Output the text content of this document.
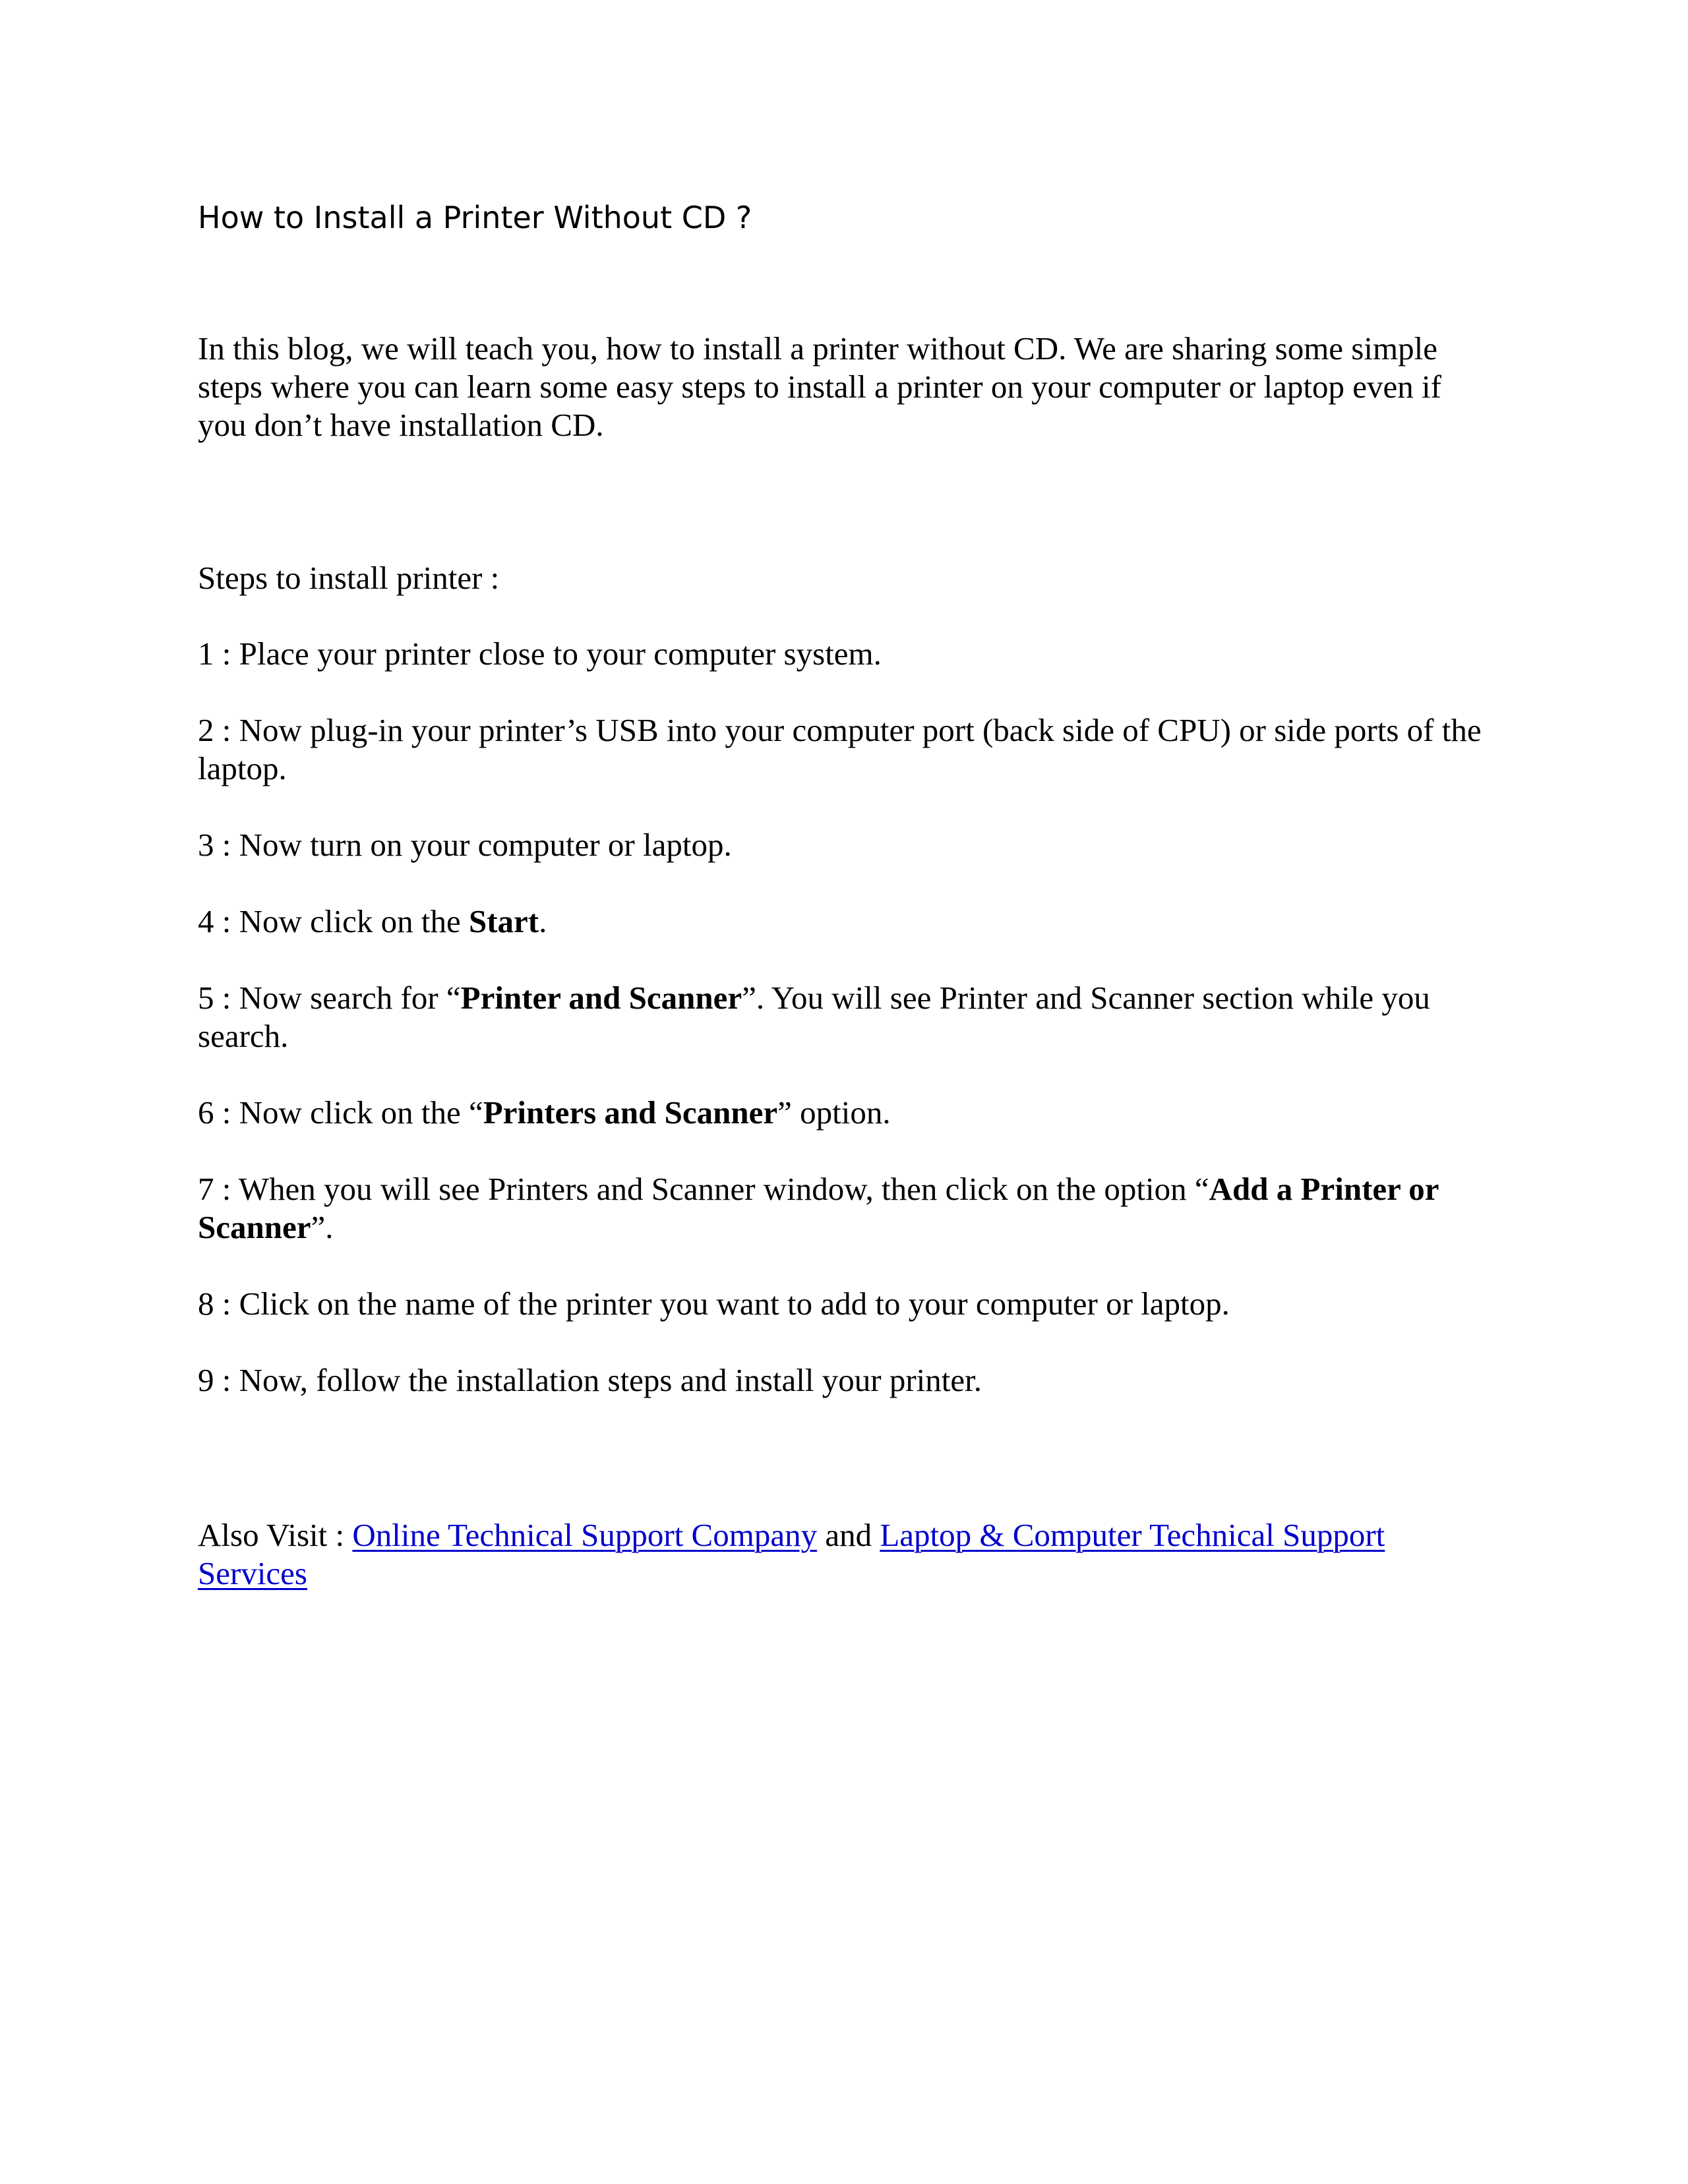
How to Install a Printer Without CD ?

In this blog, we will teach you, how to install a printer without CD. We are sharing some simple steps where you can learn some easy steps to install a printer on your computer or laptop even if you don’t have installation CD.

Steps to install printer :

1 : Place your printer close to your computer system.
2 : Now plug-in your printer’s USB into your computer port (back side of CPU) or side ports of the laptop.
3 : Now turn on your computer or laptop.
4 : Now click on the Start.
5 : Now search for “Printer and Scanner”. You will see Printer and Scanner section while you search.
6 : Now click on the “Printers and Scanner” option.
7 : When you will see Printers and Scanner window, then click on the option “Add a Printer or Scanner”.
8 : Click on the name of the printer you want to add to your computer or laptop.
9 : Now, follow the installation steps and install your printer.

Also Visit : Online Technical Support Company and Laptop & Computer Technical Support Services
